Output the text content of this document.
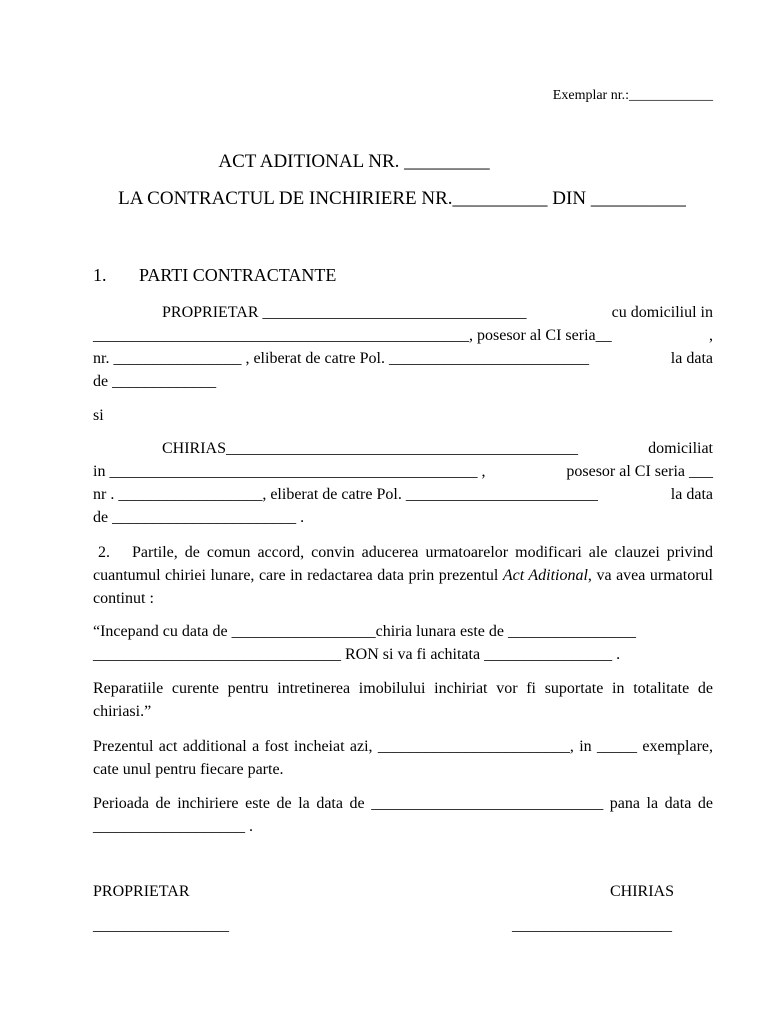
Exemplar nr.:____________
ACT ADITIONAL NR. _________
LA CONTRACTUL DE INCHIRIERE NR.__________ DIN __________
1. PARTI CONTRACTANTE
PROPRIETAR _________________________________	cu domiciliul in
_______________________________________________, posesor al CI seria__	,
nr. ________________ , eliberat de catre Pol. _________________________	la data
de _____________
si
CHIRIAS____________________________________________	domiciliat
in ______________________________________________ ,	posesor al CI seria ___
nr . __________________, eliberat de catre Pol. ________________________	la data
de _______________________ .
2. Partile, de comun accord, convin aducerea urmatoarelor modificari ale clauzei privind cuantumul chiriei lunare, care in redactarea data prin prezentul Act Aditional, va avea urmatorul continut :
“Incepand cu data de __________________chiria lunara este de ________________
_______________________________ RON si va fi achitata ________________ .
Reparatiile curente pentru intretinerea imobilului inchiriat vor fi suportate in totalitate de chiriasi.”
Prezentul act additional a fost incheiat azi, ________________________, in _____ exemplare, cate unul pentru fiecare parte.
Perioada de inchiriere este de la data de _____________________________ pana la data de ___________________ .
PROPRIETAR	CHIRIAS
_________________	____________________
